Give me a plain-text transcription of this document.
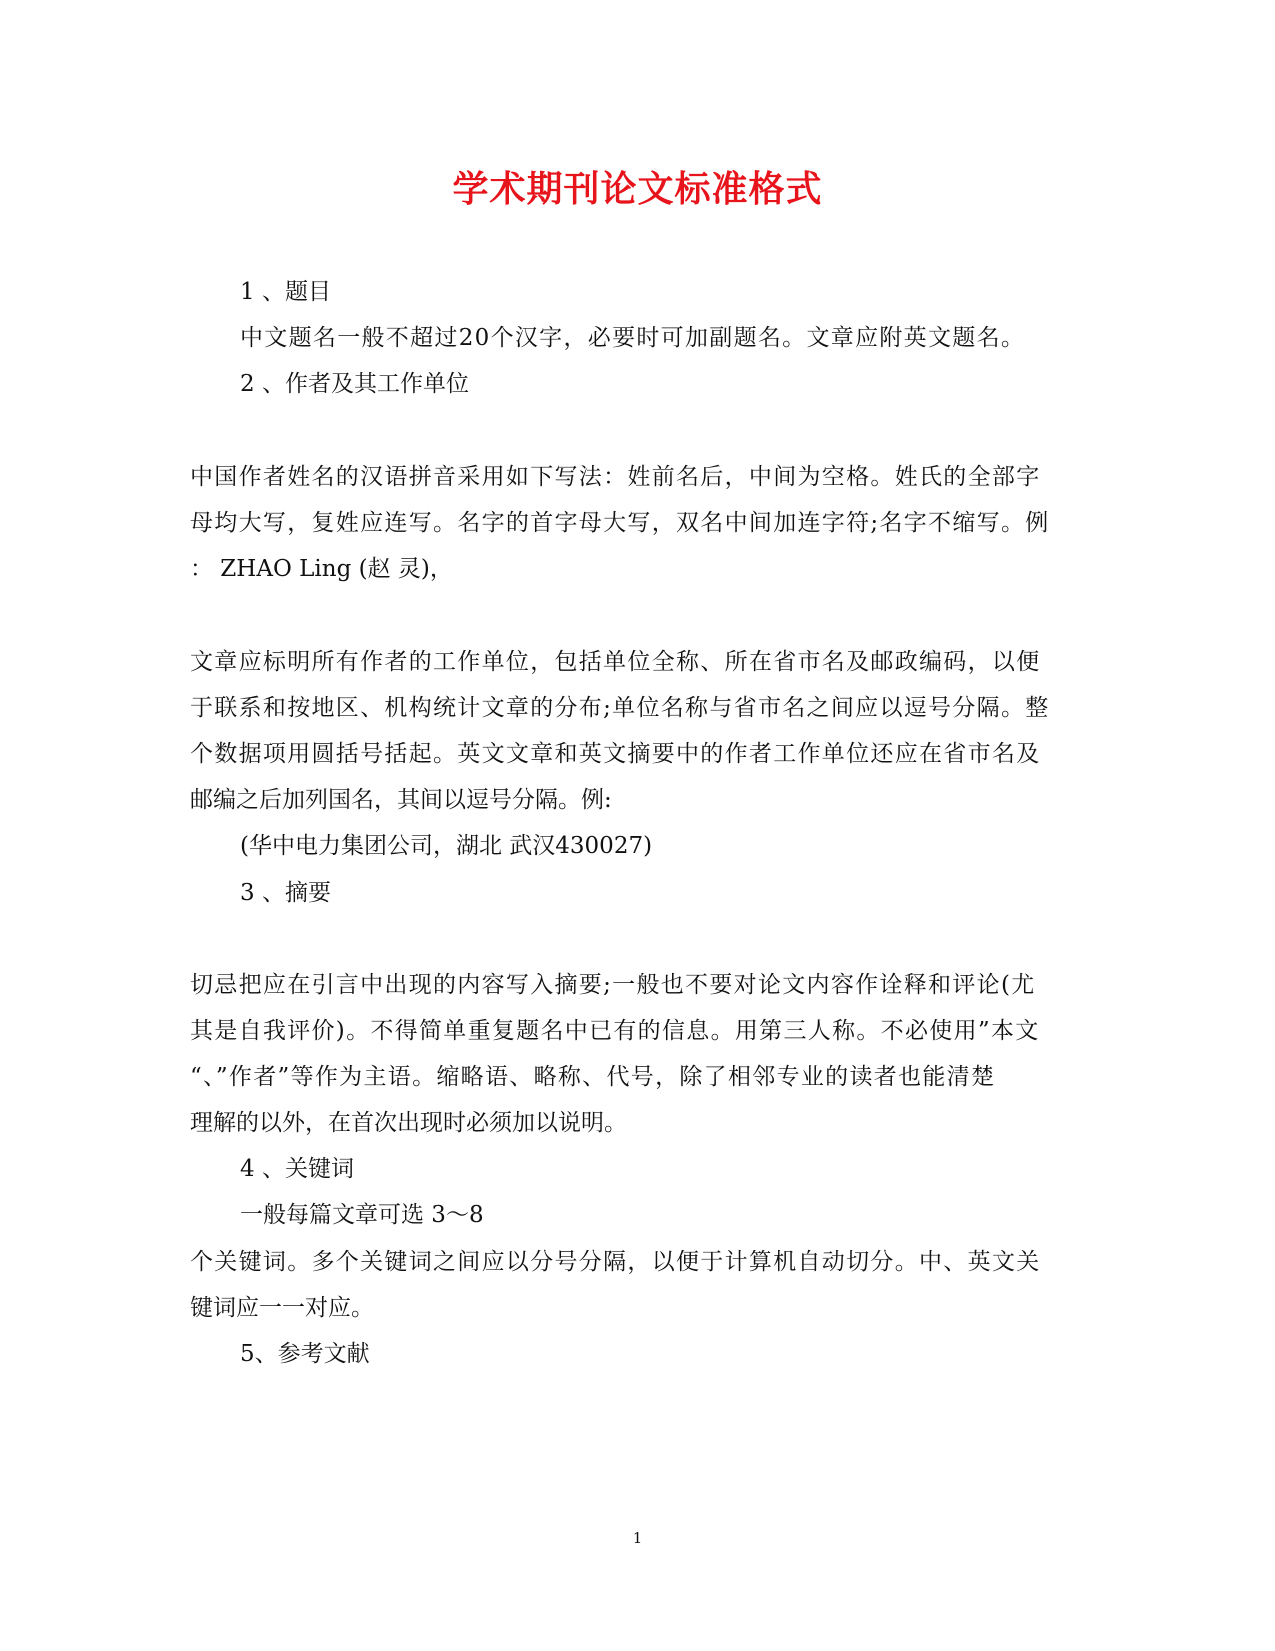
学术期刊论文标准格式
1 、题目
中文题名一般不超过20个汉字，必要时可加副题名。文章应附英文题名。
2 、作者及其工作单位
中国作者姓名的汉语拼音采用如下写法：姓前名后，中间为空格。姓氏的全部字
母均大写，复姓应连写。名字的首字母大写，双名中间加连字符;名字不缩写。例
： ZHAO Ling (赵 灵)，
文章应标明所有作者的工作单位，包括单位全称、所在省市名及邮政编码，以便
于联系和按地区、机构统计文章的分布;单位名称与省市名之间应以逗号分隔。整
个数据项用圆括号括起。英文文章和英文摘要中的作者工作单位还应在省市名及
邮编之后加列国名，其间以逗号分隔。例:
(华中电力集团公司，湖北 武汉430027)
3 、摘要
切忌把应在引言中出现的内容写入摘要;一般也不要对论文内容作诠释和评论(尤
其是自我评价)。不得简单重复题名中已有的信息。用第三人称。不必使用”本文
“、”作者”等作为主语。缩略语、略称、代号，除了相邻专业的读者也能清楚
理解的以外，在首次出现时必须加以说明。
4 、关键词
一般每篇文章可选 3～8
个关键词。多个关键词之间应以分号分隔，以便于计算机自动切分。中、英文关
键词应一一对应。
5、参考文献
1
